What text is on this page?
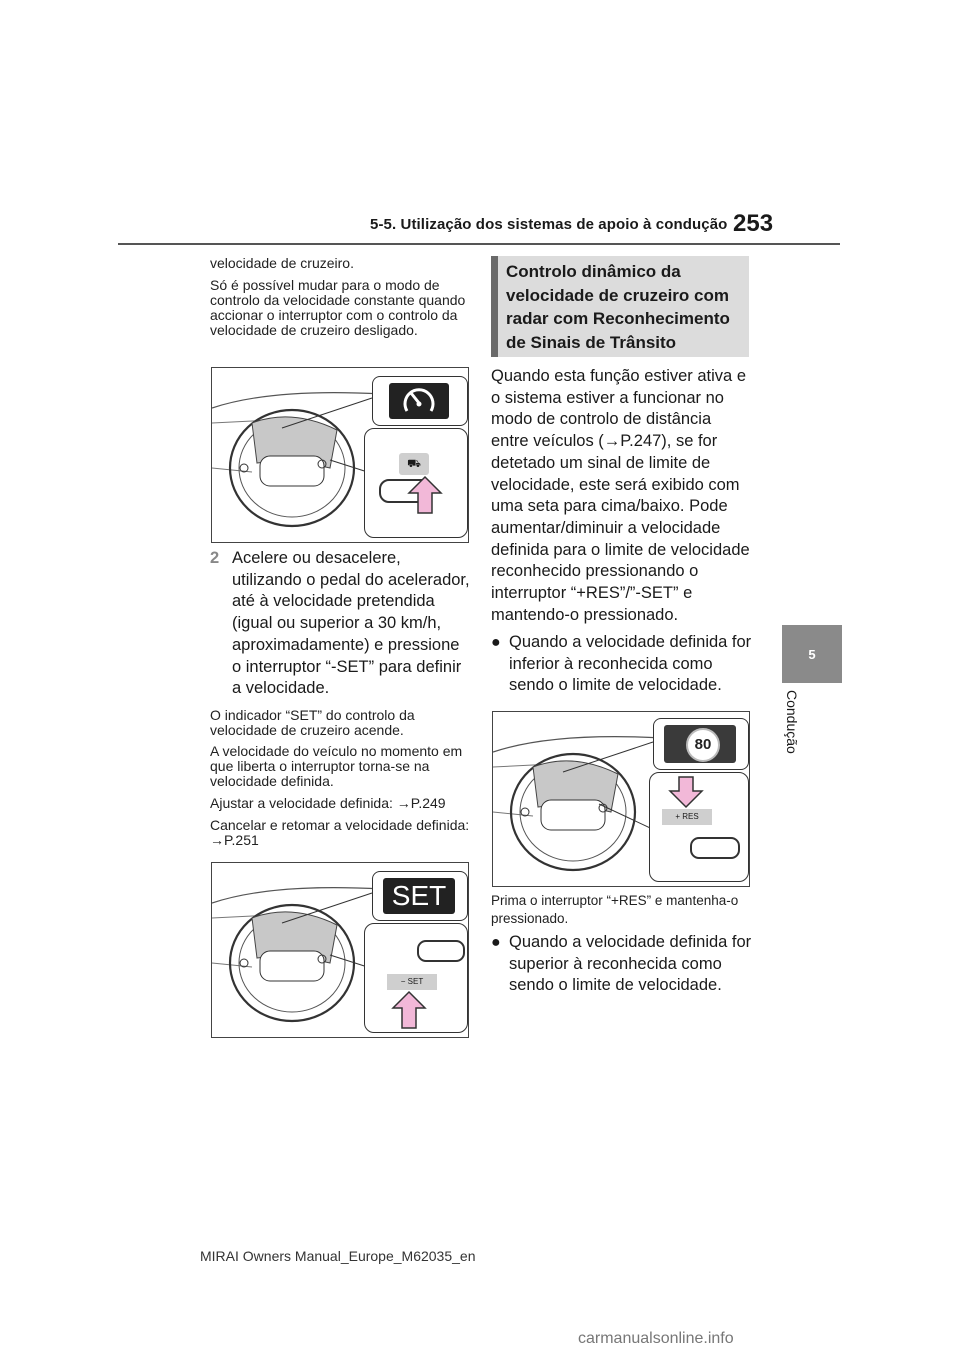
5-5. Utilização dos sistemas de apoio à condução 253
5
Condução
velocidade de cruzeiro.
Só é possível mudar para o modo de controlo da velocidade constante quando accionar o interruptor com o controlo da velocidade de cruzeiro desligado.
⛟
2 Acelere ou desacelere, utilizando o pedal do acelerador, até à velocidade pretendida (igual ou superior a 30 km/h, aproximadamente) e pressione o interruptor “-SET” para definir a velocidade.
O indicador “SET” do controlo da velocidade de cruzeiro acende.
A velocidade do veículo no momento em que liberta o interruptor torna-se na velocidade definida.
Ajustar a velocidade definida: →P.249
Cancelar e retomar a velocidade definida: →P.251
SET
− SET
Controlo dinâmico da velocidade de cruzeiro com radar com Reconhecimento de Sinais de Trânsito
Quando esta função estiver ativa e o sistema estiver a funcionar no modo de controlo de distância entre veículos (→P.247), se for detetado um sinal de limite de velocidade, este será exibido com uma seta para cima/baixo. Pode aumentar/diminuir a velocidade definida para o limite de velocidade reconhecido pressionando o interruptor “+RES”/”-SET” e mantendo-o pressionado.
● Quando a velocidade definida for inferior à reconhecida como sendo o limite de velocidade.
80
+ RES
Prima o interruptor “+RES” e mantenha-o pressionado.
● Quando a velocidade definida for superior à reconhecida como sendo o limite de velocidade.
MIRAI Owners Manual_Europe_M62035_en
carmanualsonline.info
